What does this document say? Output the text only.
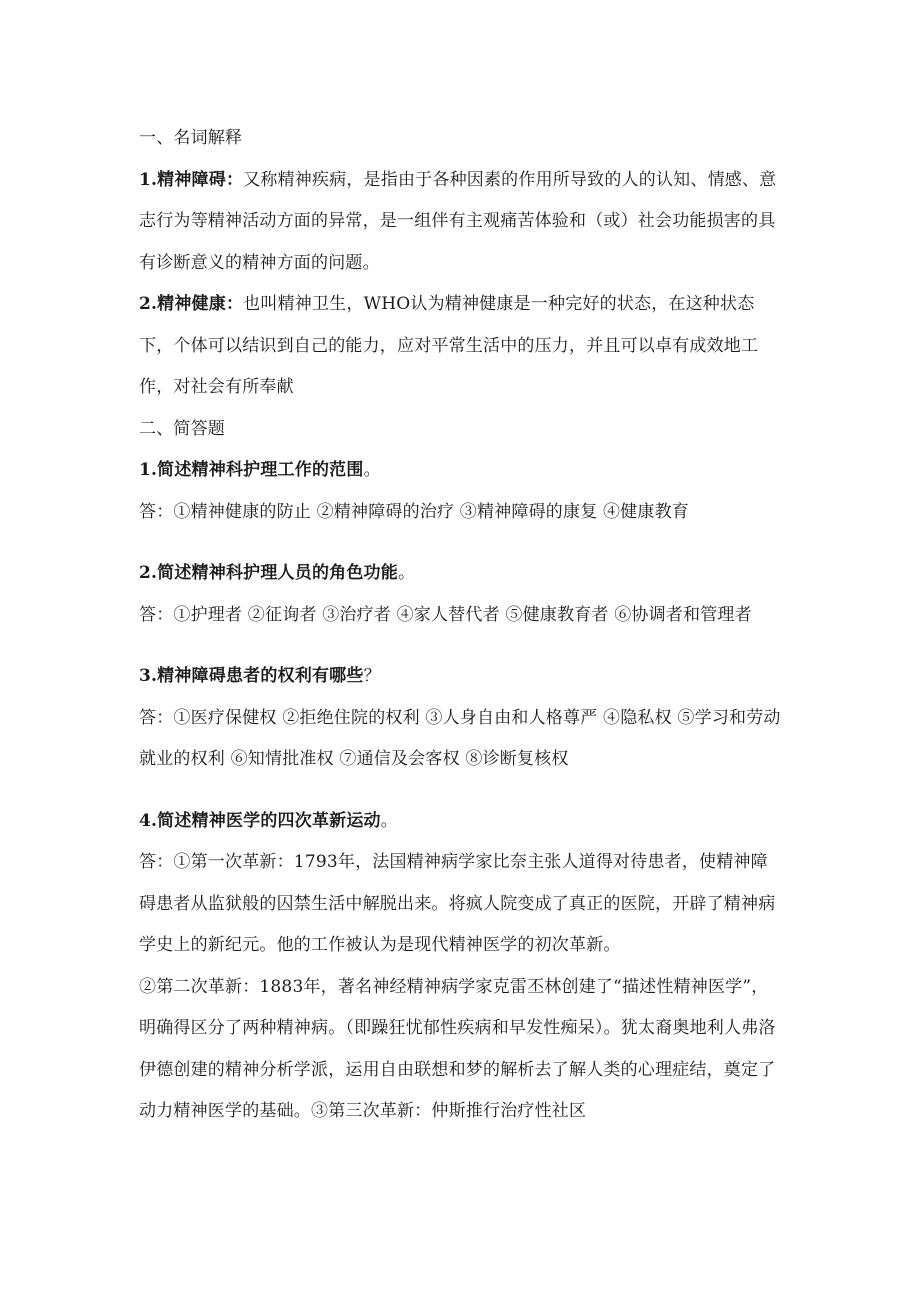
一、名词解释

1.精神障碍：又称精神疾病，是指由于各种因素的作用所导致的人的认知、情感、意志行为等精神活动方面的异常，是一组伴有主观痛苦体验和（或）社会功能损害的具有诊断意义的精神方面的问题。

2.精神健康：也叫精神卫生，WHO认为精神健康是一种完好的状态，在这种状态下，个体可以结识到自己的能力，应对平常生活中的压力，并且可以卓有成效地工作，对社会有所奉献

二、简答题

1.简述精神科护理工作的范围。

答：①精神健康的防止 ②精神障碍的治疗 ③精神障碍的康复 ④健康教育

2.简述精神科护理人员的角色功能。

答：①护理者 ②征询者 ③治疗者 ④家人替代者 ⑤健康教育者 ⑥协调者和管理者

3.精神障碍患者的权利有哪些？

答：①医疗保健权 ②拒绝住院的权利 ③人身自由和人格尊严 ④隐私权 ⑤学习和劳动就业的权利 ⑥知情批准权 ⑦通信及会客权 ⑧诊断复核权

4.简述精神医学的四次革新运动。

答：①第一次革新：1793年，法国精神病学家比奈主张人道得对待患者，使精神障碍患者从监狱般的囚禁生活中解脱出来。将疯人院变成了真正的医院，开辟了精神病学史上的新纪元。他的工作被认为是现代精神医学的初次革新。

②第二次革新：1883年，著名神经精神病学家克雷丕林创建了“描述性精神医学”，明确得区分了两种精神病。（即躁狂忧郁性疾病和早发性痴呆）。犹太裔奥地利人弗洛伊德创建的精神分析学派，运用自由联想和梦的解析去了解人类的心理症结，奠定了动力精神医学的基础。③第三次革新：仲斯推行治疗性社区
